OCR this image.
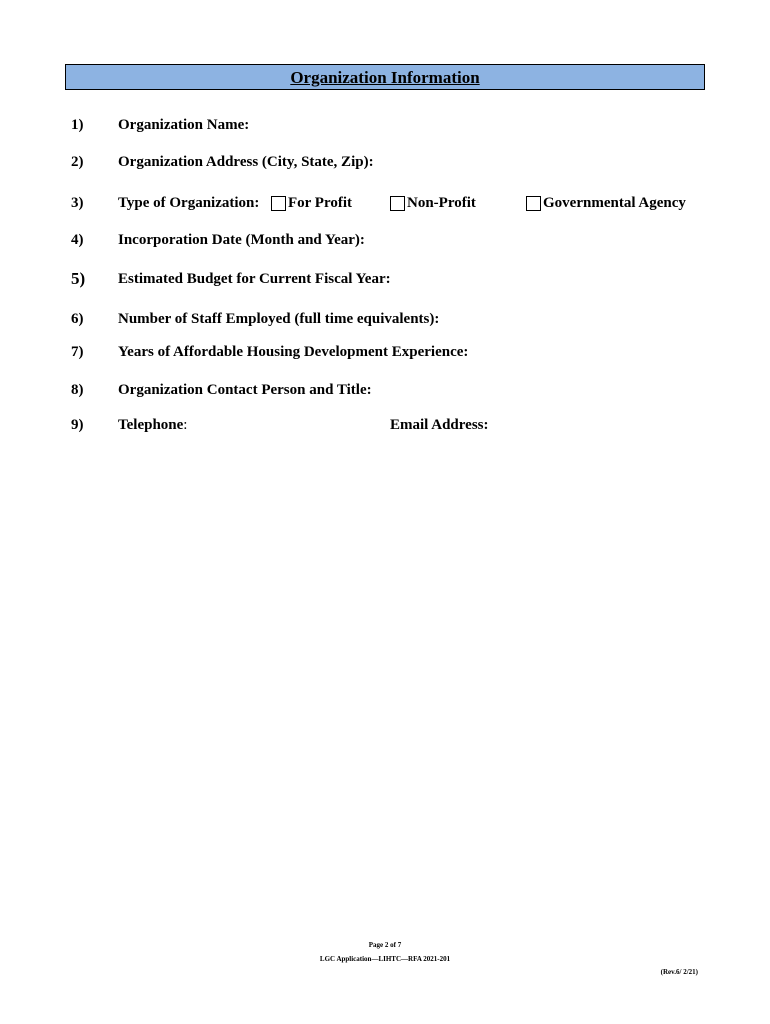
Organization Information
1) Organization Name:
2) Organization Address (City, State, Zip):
3) Type of Organization: For Profit	Non-Profit	Governmental Agency
4) Incorporation Date (Month and Year):
5) Estimated Budget for Current Fiscal Year:
6) Number of Staff Employed (full time equivalents):
7) Years of Affordable Housing Development Experience:
8) Organization Contact Person and Title:
9) Telephone:	Email Address:
Page 2 of 7
LGC Application—LIHTC—RFA 2021-201
(Rev.6/ 2/21)
